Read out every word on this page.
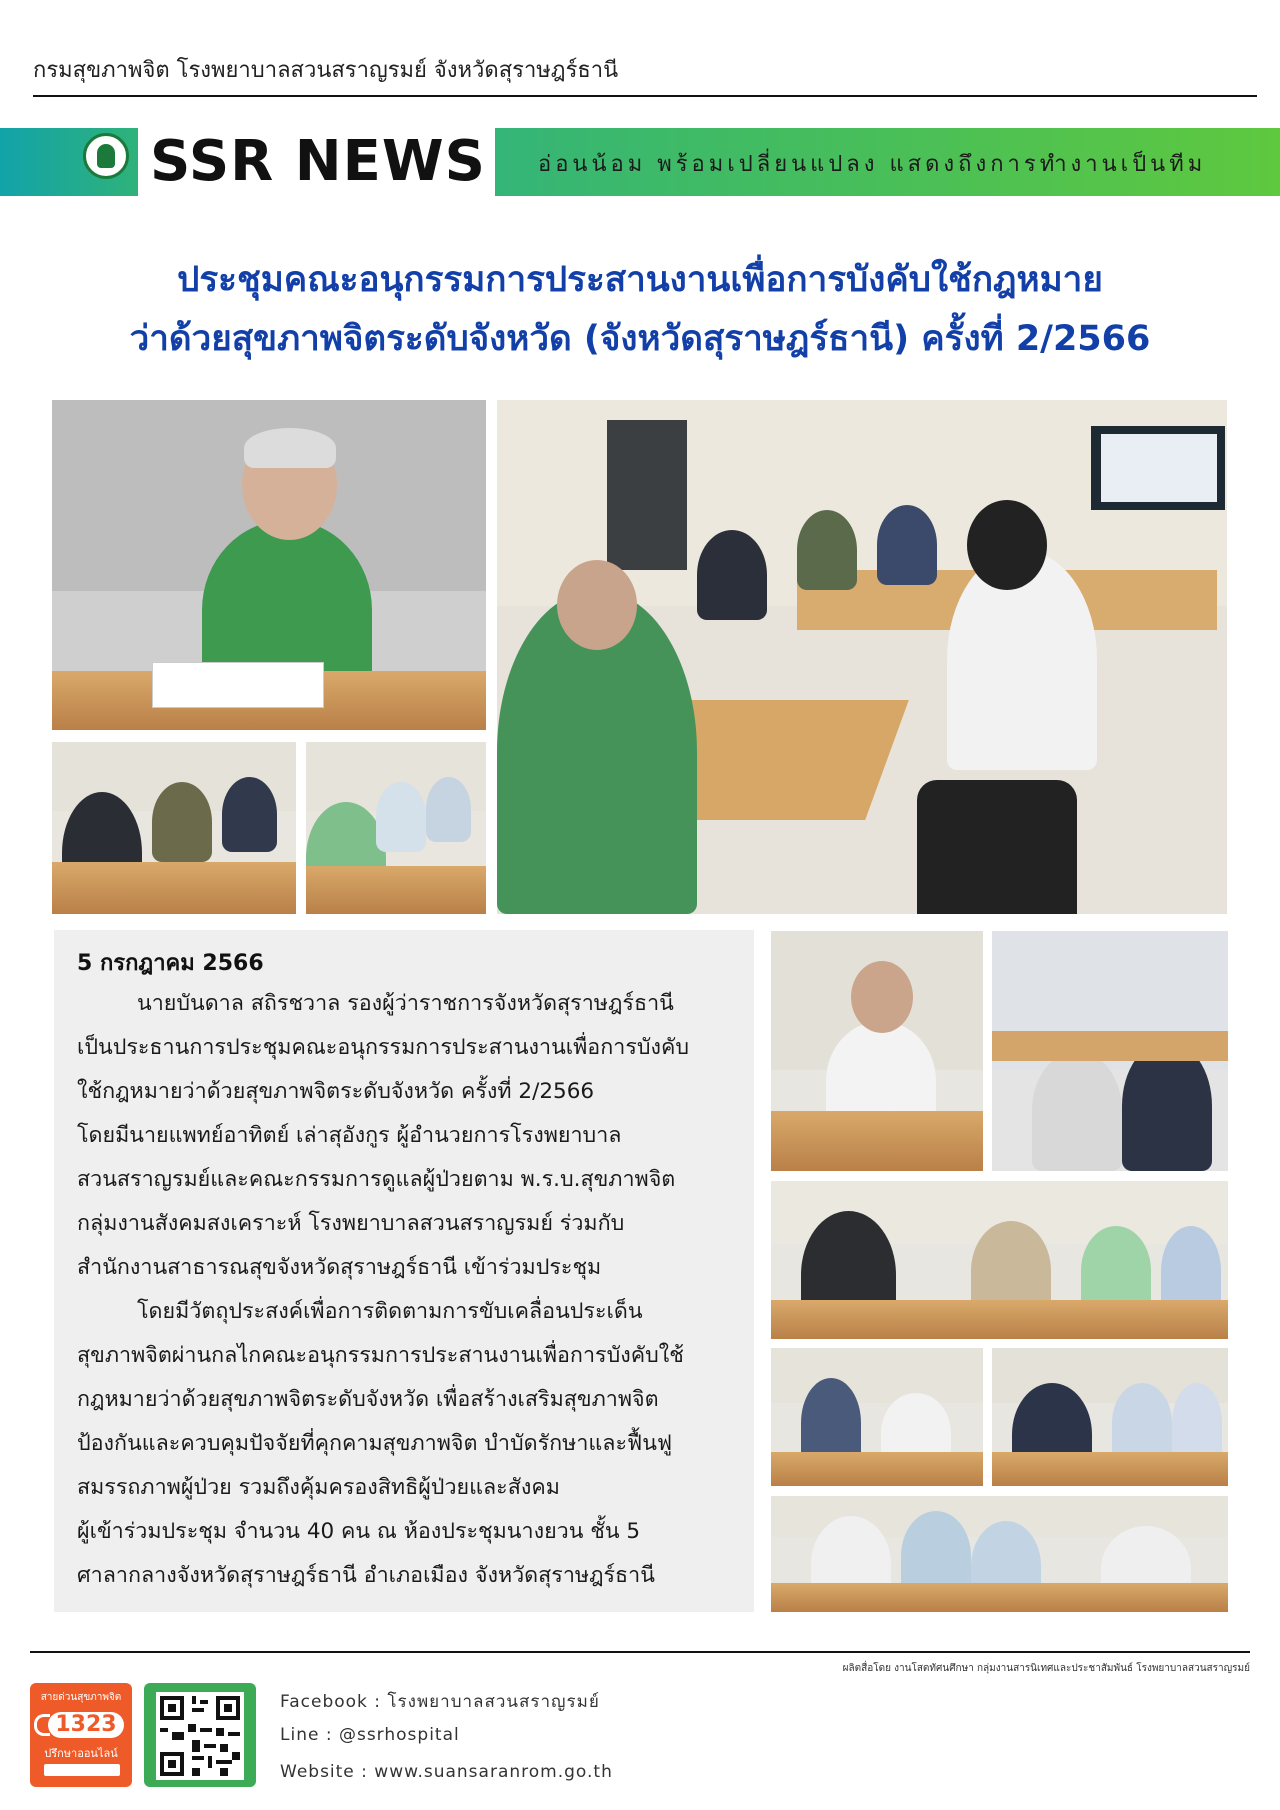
กรมสุขภาพจิต โรงพยาบาลสวนสราญรมย์ จังหวัดสุราษฎร์ธานี
SSR NEWS อ่อนน้อม พร้อมเปลี่ยนแปลง แสดงถึงการทำงานเป็นทีม
ประชุมคณะอนุกรรมการประสานงานเพื่อการบังคับใช้กฎหมาย
ว่าด้วยสุขภาพจิตระดับจังหวัด (จังหวัดสุราษฎร์ธานี) ครั้งที่ 2/2566
5 กรกฎาคม 2566
นายบันดาล สถิรชวาล รองผู้ว่าราชการจังหวัดสุราษฎร์ธานี
เป็นประธานการประชุมคณะอนุกรรมการประสานงานเพื่อการบังคับ
ใช้กฎหมายว่าด้วยสุขภาพจิตระดับจังหวัด ครั้งที่ 2/2566
โดยมีนายแพทย์อาทิตย์ เล่าสุอังกูร ผู้อำนวยการโรงพยาบาล
สวนสราญรมย์และคณะกรรมการดูแลผู้ป่วยตาม พ.ร.บ.สุขภาพจิต
กลุ่มงานสังคมสงเคราะห์ โรงพยาบาลสวนสราญรมย์ ร่วมกับ
สำนักงานสาธารณสุขจังหวัดสุราษฎร์ธานี เข้าร่วมประชุม
โดยมีวัตถุประสงค์เพื่อการติดตามการขับเคลื่อนประเด็น
สุขภาพจิตผ่านกลไกคณะอนุกรรมการประสานงานเพื่อการบังคับใช้
กฎหมายว่าด้วยสุขภาพจิตระดับจังหวัด เพื่อสร้างเสริมสุขภาพจิต
ป้องกันและควบคุมปัจจัยที่คุกคามสุขภาพจิต บำบัดรักษาและฟื้นฟู
สมรรถภาพผู้ป่วย รวมถึงคุ้มครองสิทธิผู้ป่วยและสังคม
ผู้เข้าร่วมประชุม จำนวน 40 คน ณ ห้องประชุมนางยวน ชั้น 5
ศาลากลางจังหวัดสุราษฎร์ธานี อำเภอเมือง จังหวัดสุราษฎร์ธานี
ผลิตสื่อโดย งานโสตทัศนศึกษา กลุ่มงานสารนิเทศและประชาสัมพันธ์ โรงพยาบาลสวนสราญรมย์
สายด่วนสุขภาพจิต
1323
ปรึกษาออนไลน์
Facebook : โรงพยาบาลสวนสราญรมย์
Line : @ssrhospital
Website : www.suansaranrom.go.th
